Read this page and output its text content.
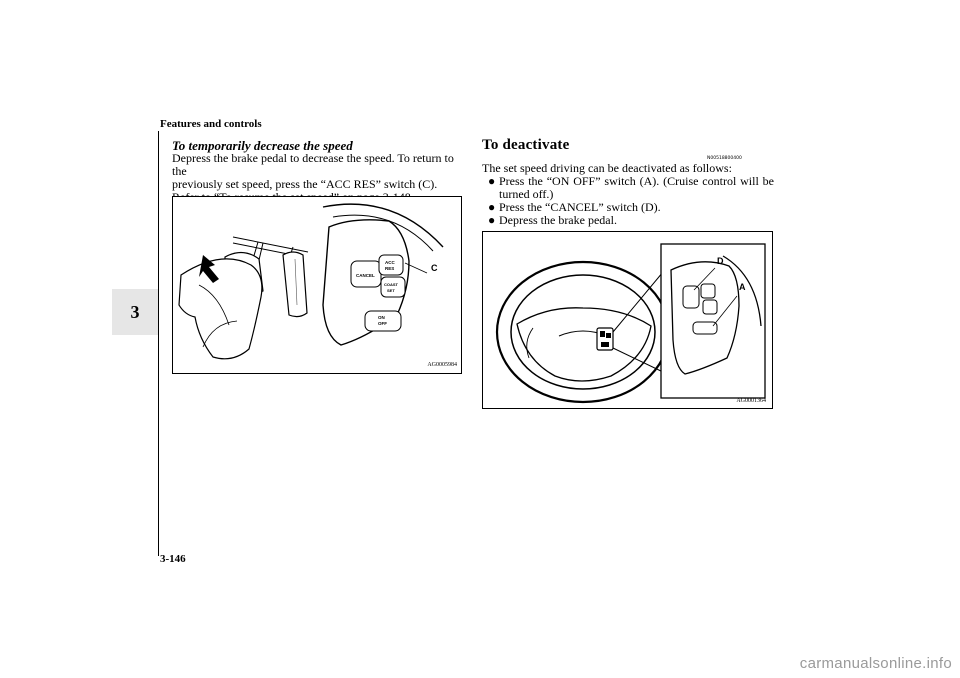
Features and controls
3
To temporarily decrease the speed
Depress the brake pedal to decrease the speed. To return to the
previously set speed, press the “ACC RES” switch (C).
CANCEL
ACC
RES
COAST
SET
ON
OFF
C
AG0005984
To deactivate
N00518800400
The set speed driving can be deactivated as follows:
● Press the “ON OFF” switch (A). (Cruise control will be turned off.)
● Press the “CANCEL” switch (D).
● Depress the brake pedal.
D
A
AG0001364
3-146
carmanualsonline.info
